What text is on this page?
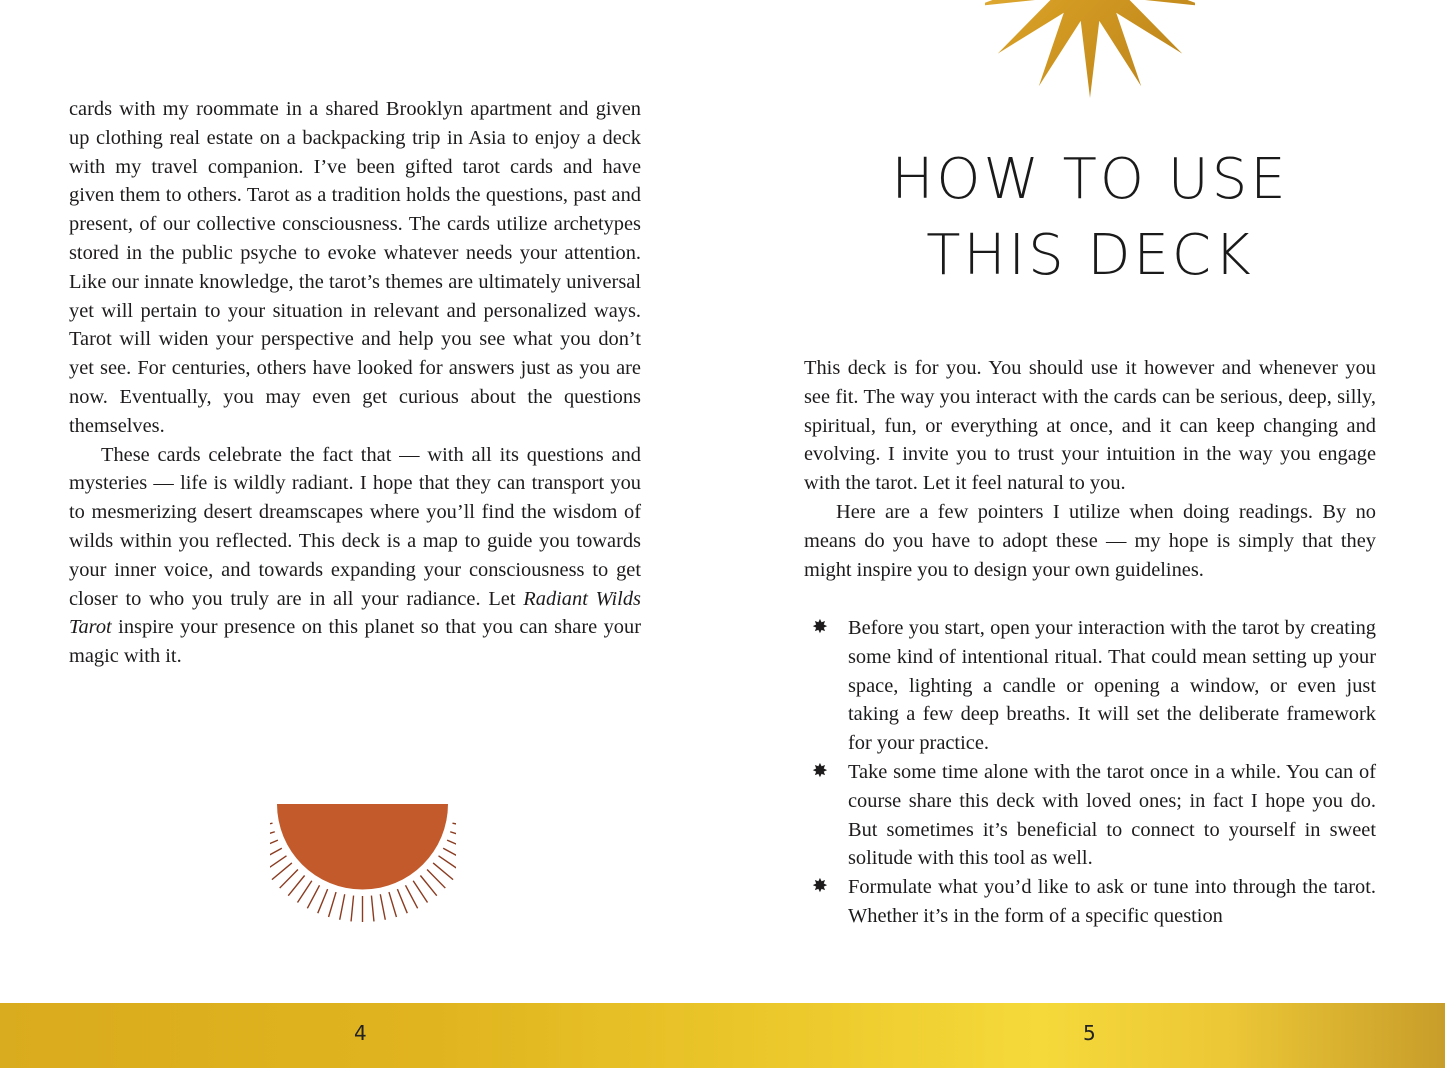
cards with my roommate in a shared Brooklyn apartment and given up clothing real estate on a backpacking trip in Asia to enjoy a deck with my travel companion. I’ve been gifted tarot cards and have given them to others. Tarot as a tradition holds the questions, past and present, of our collective consciousness. The cards utilize archetypes stored in the public psyche to evoke whatever needs your attention. Like our innate knowledge, the tarot’s themes are ultimately universal yet will pertain to your situation in relevant and personalized ways. Tarot will widen your perspective and help you see what you don’t yet see. For centuries, others have looked for answers just as you are now. Eventually, you may even get curious about the questions themselves.

These cards celebrate the fact that — with all its questions and mysteries — life is wildly radiant. I hope that they can transport you to mesmerizing desert dreamscapes where you’ll find the wisdom of wilds within you reflected. This deck is a map to guide you towards your inner voice, and towards expanding your consciousness to get closer to who you truly are in all your radiance. Let Radiant Wilds Tarot inspire your presence on this planet so that you can share your magic with it.

HOW TO USE
THIS DECK

This deck is for you. You should use it however and whenever you see fit. The way you interact with the cards can be serious, deep, silly, spiritual, fun, or everything at once, and it can keep changing and evolving. I invite you to trust your intuition in the way you engage with the tarot. Let it feel natural to you.

Here are a few pointers I utilize when doing readings. By no means do you have to adopt these — my hope is simply that they might inspire you to design your own guidelines.

✸ Before you start, open your interaction with the tarot by creating some kind of intentional ritual. That could mean setting up your space, lighting a candle or opening a window, or even just taking a few deep breaths. It will set the deliberate framework for your practice.

✸ Take some time alone with the tarot once in a while. You can of course share this deck with loved ones; in fact I hope you do. But sometimes it’s beneficial to connect to yourself in sweet solitude with this tool as well.

✸ Formulate what you’d like to ask or tune into through the tarot. Whether it’s in the form of a specific question

4	5
